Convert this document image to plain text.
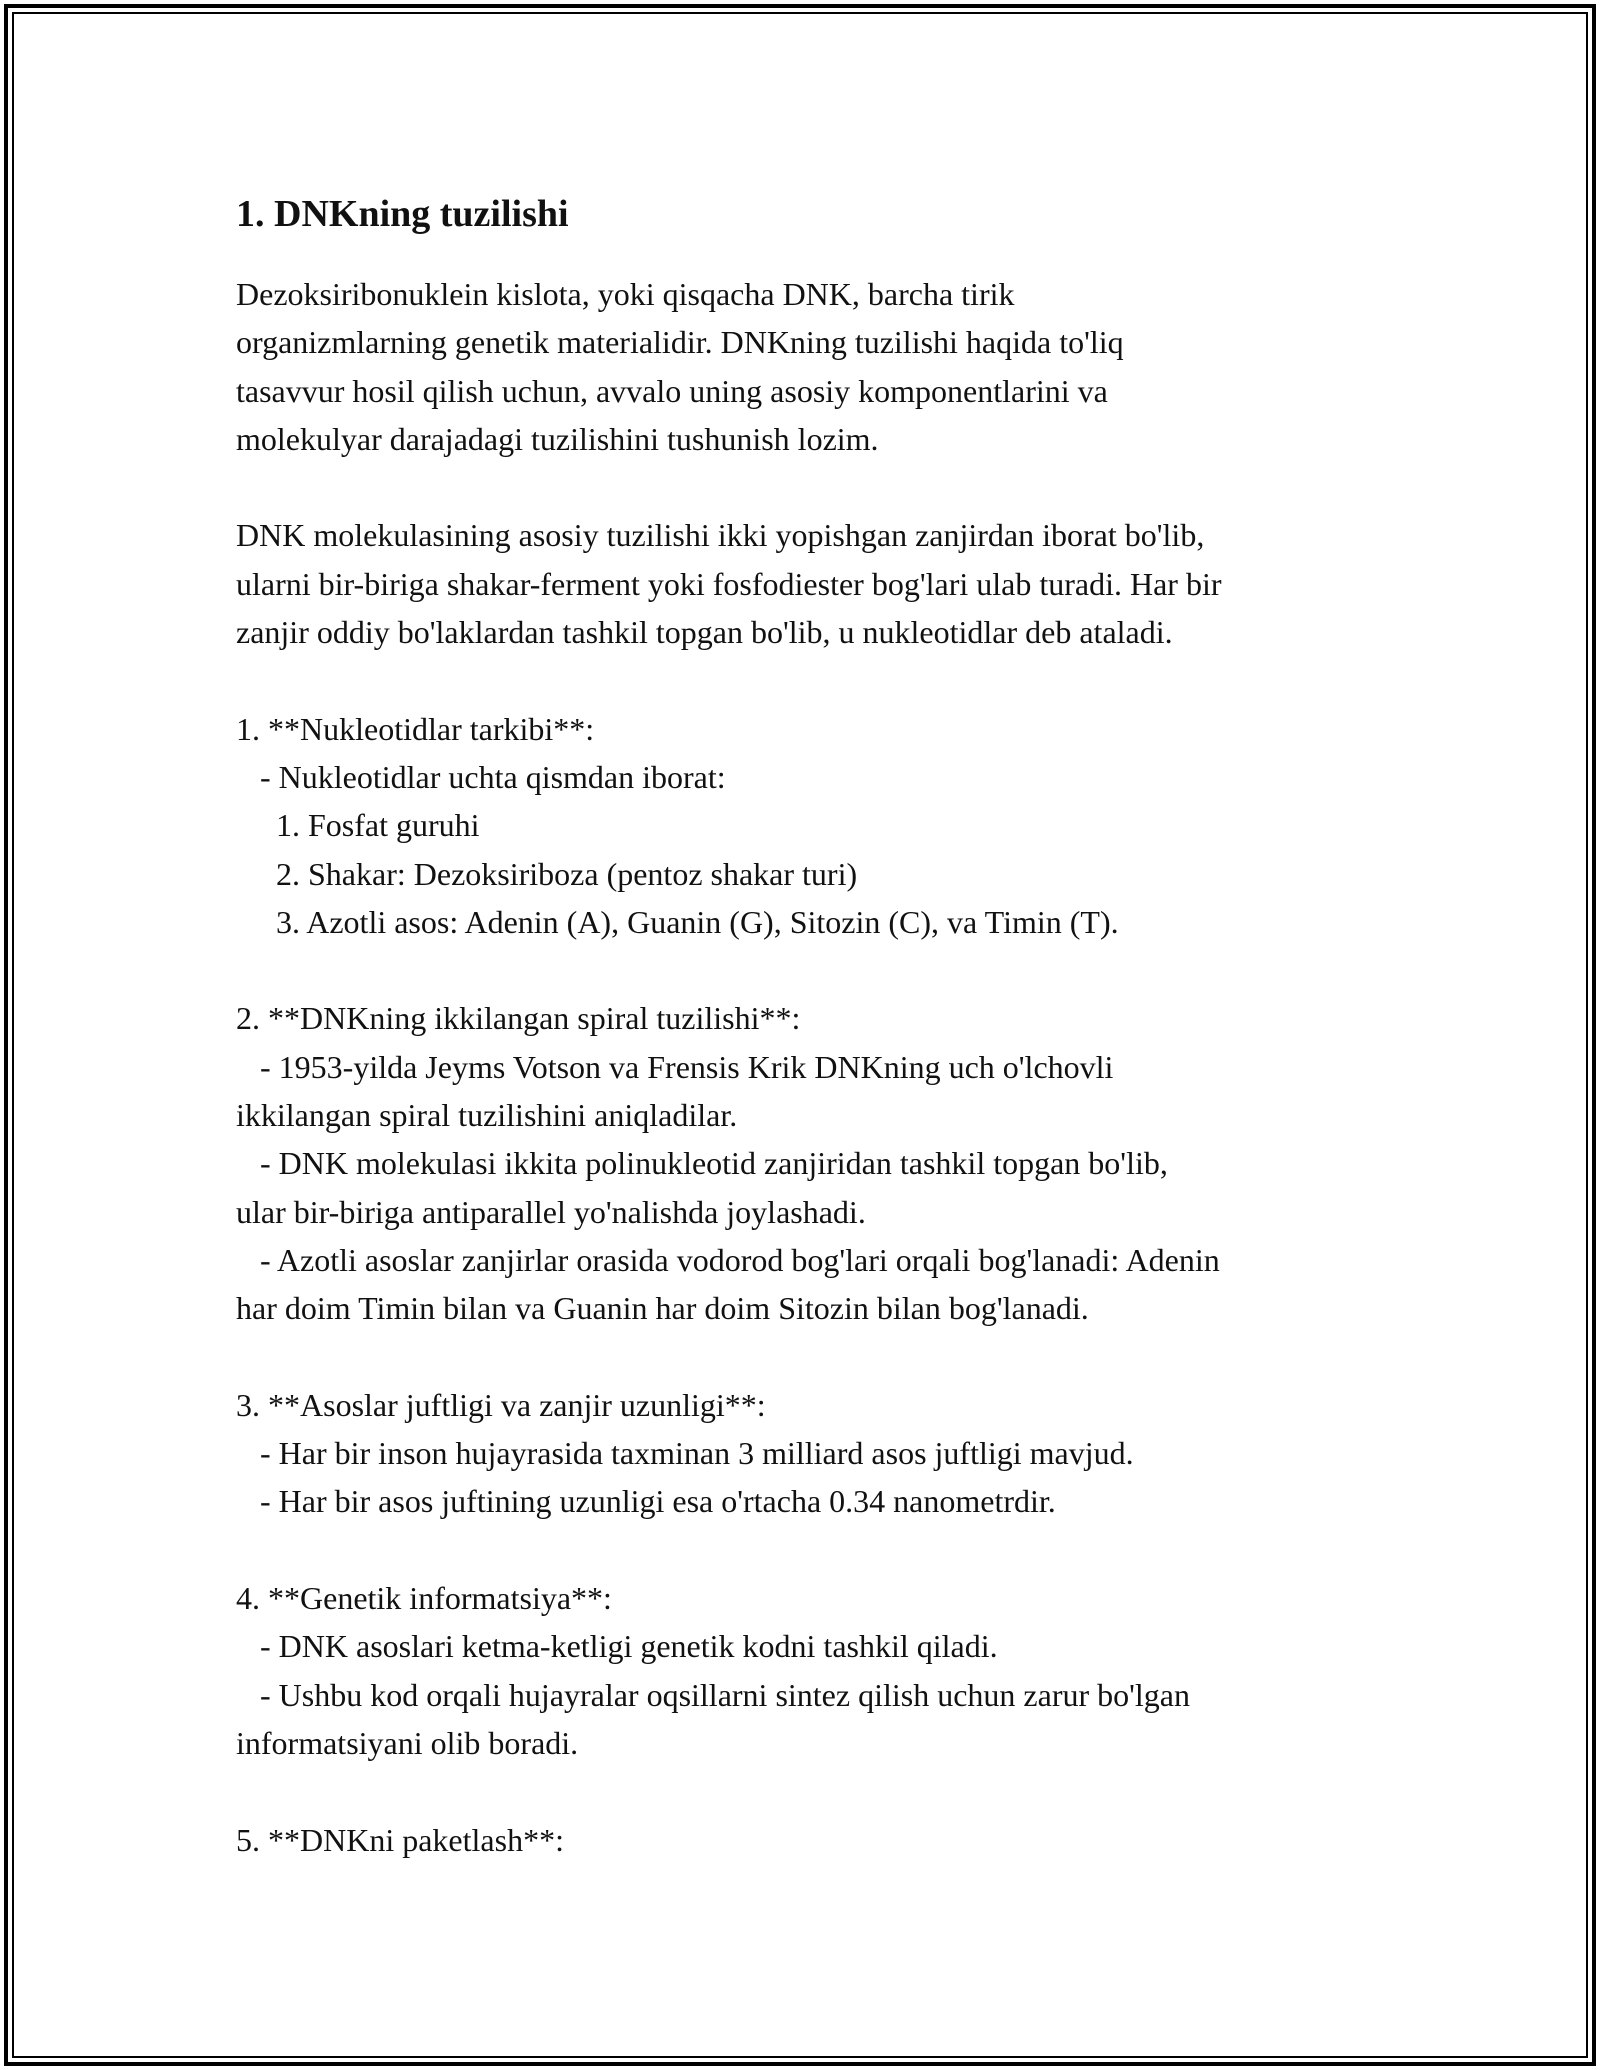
1. DNKning tuzilishi
Dezoksiribonuklein kislota, yoki qisqacha DNK, barcha tirik
organizmlarning genetik materialidir. DNKning tuzilishi haqida to'liq
tasavvur hosil qilish uchun, avvalo uning asosiy komponentlarini va
molekulyar darajadagi tuzilishini tushunish lozim.
DNK molekulasining asosiy tuzilishi ikki yopishgan zanjirdan iborat bo'lib,
ularni bir-biriga shakar-ferment yoki fosfodiester bog'lari ulab turadi. Har bir
zanjir oddiy bo'laklardan tashkil topgan bo'lib, u nukleotidlar deb ataladi.
1. **Nukleotidlar tarkibi**:
- Nukleotidlar uchta qismdan iborat:
1. Fosfat guruhi
2. Shakar: Dezoksiriboza (pentoz shakar turi)
3. Azotli asos: Adenin (A), Guanin (G), Sitozin (C), va Timin (T).
2. **DNKning ikkilangan spiral tuzilishi**:
- 1953-yilda Jeyms Votson va Frensis Krik DNKning uch o'lchovli
ikkilangan spiral tuzilishini aniqladilar.
- DNK molekulasi ikkita polinukleotid zanjiridan tashkil topgan bo'lib,
ular bir-biriga antiparallel yo'nalishda joylashadi.
- Azotli asoslar zanjirlar orasida vodorod bog'lari orqali bog'lanadi: Adenin
har doim Timin bilan va Guanin har doim Sitozin bilan bog'lanadi.
3. **Asoslar juftligi va zanjir uzunligi**:
- Har bir inson hujayrasida taxminan 3 milliard asos juftligi mavjud.
- Har bir asos juftining uzunligi esa o'rtacha 0.34 nanometrdir.
4. **Genetik informatsiya**:
- DNK asoslari ketma-ketligi genetik kodni tashkil qiladi.
- Ushbu kod orqali hujayralar oqsillarni sintez qilish uchun zarur bo'lgan
informatsiyani olib boradi.
5. **DNKni paketlash**:
